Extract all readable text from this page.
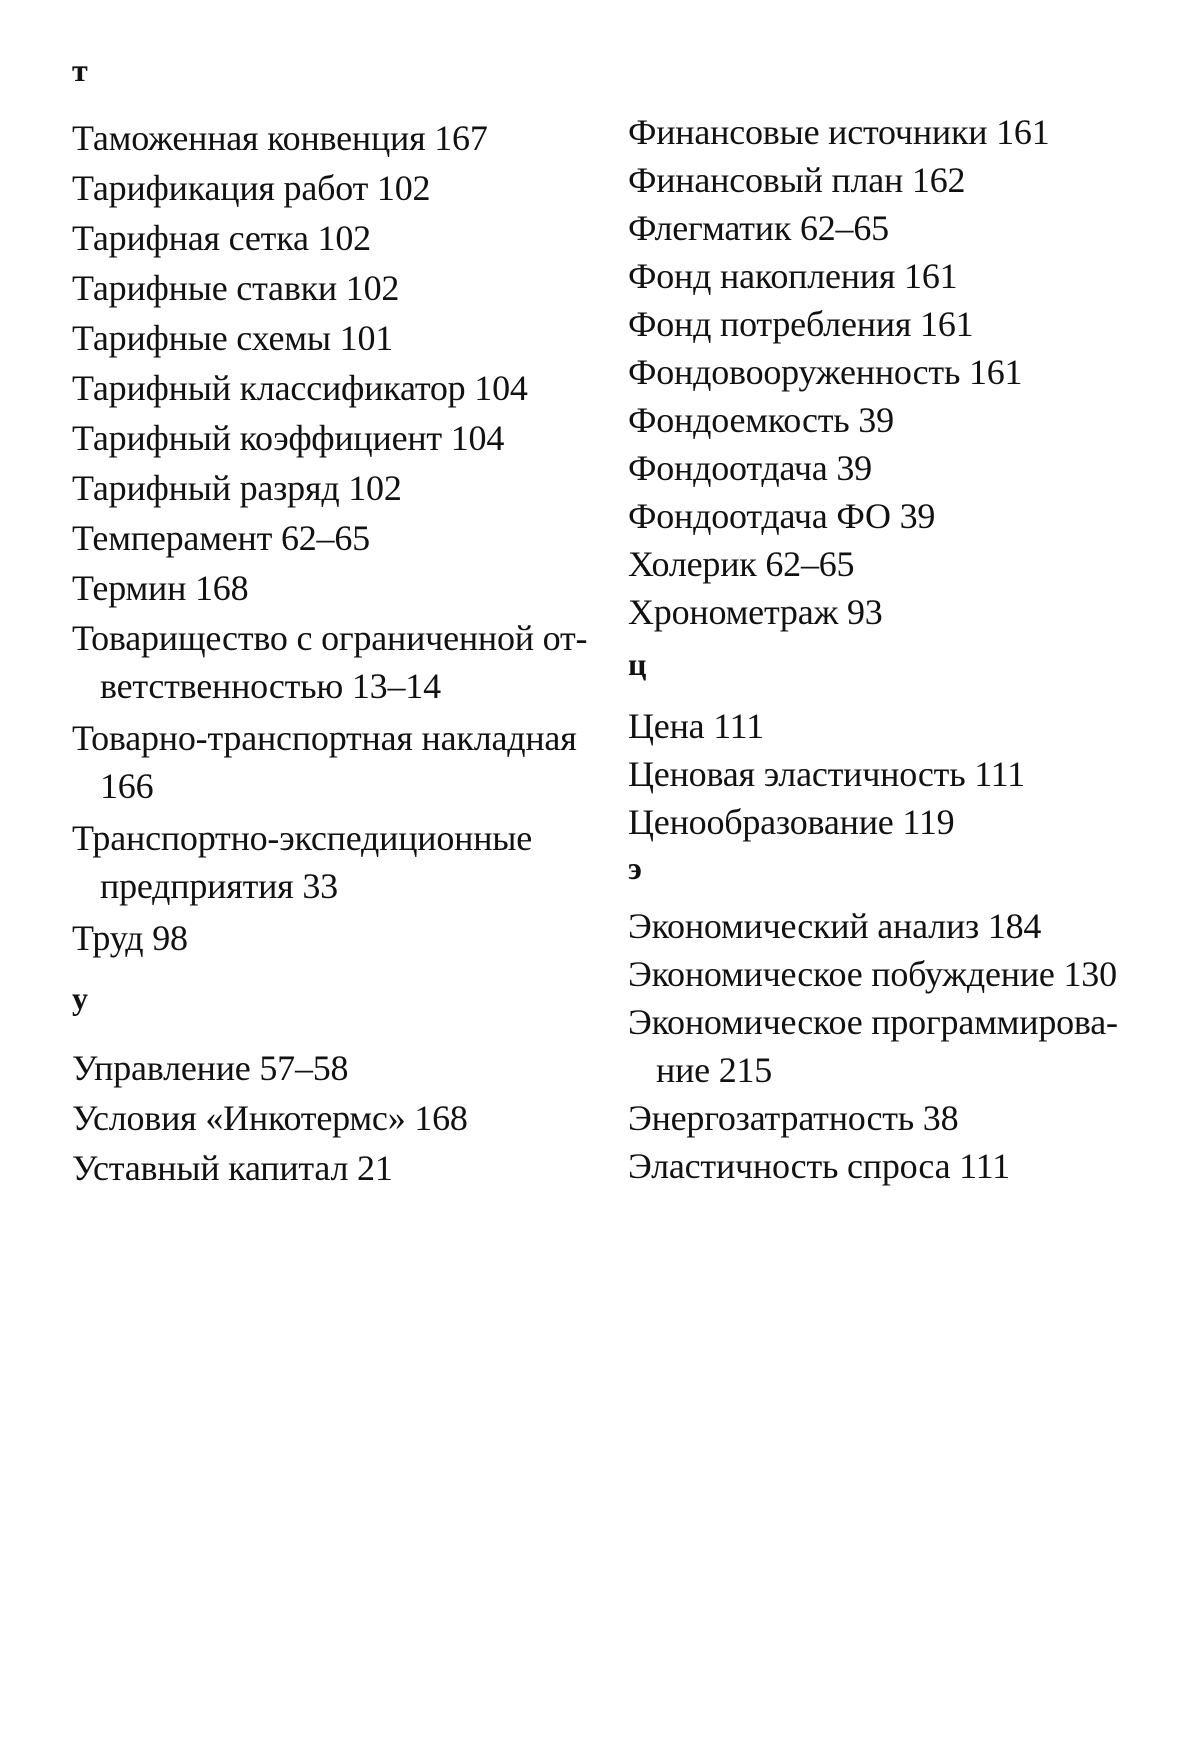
т
Таможенная конвенция 167
Тарификация работ 102
Тарифная сетка 102
Тарифные ставки 102
Тарифные схемы 101
Тарифный классификатор 104
Тарифный коэффициент 104
Тарифный разряд 102
Темперамент 62–65
Термин 168
Товарищество с ограниченной от-
ветственностью 13–14
Товарно-транспортная накладная
166
Транспортно-экспедиционные
предприятия 33
Труд 98
у
Управление 57–58
Условия «Инкотермс» 168
Уставный капитал 21
Финансовые источники 161
Финансовый план 162
Флегматик 62–65
Фонд накопления 161
Фонд потребления 161
Фондовооруженность 161
Фондоемкость 39
Фондоотдача 39
Фондоотдача ФО 39
Холерик 62–65
Хронометраж 93
ц
Цена 111
Ценовая эластичность 111
Ценообразование 119
э
Экономический анализ 184
Экономическое побуждение 130
Экономическое программирова-
ние 215
Энергозатратность 38
Эластичность спроса 111
